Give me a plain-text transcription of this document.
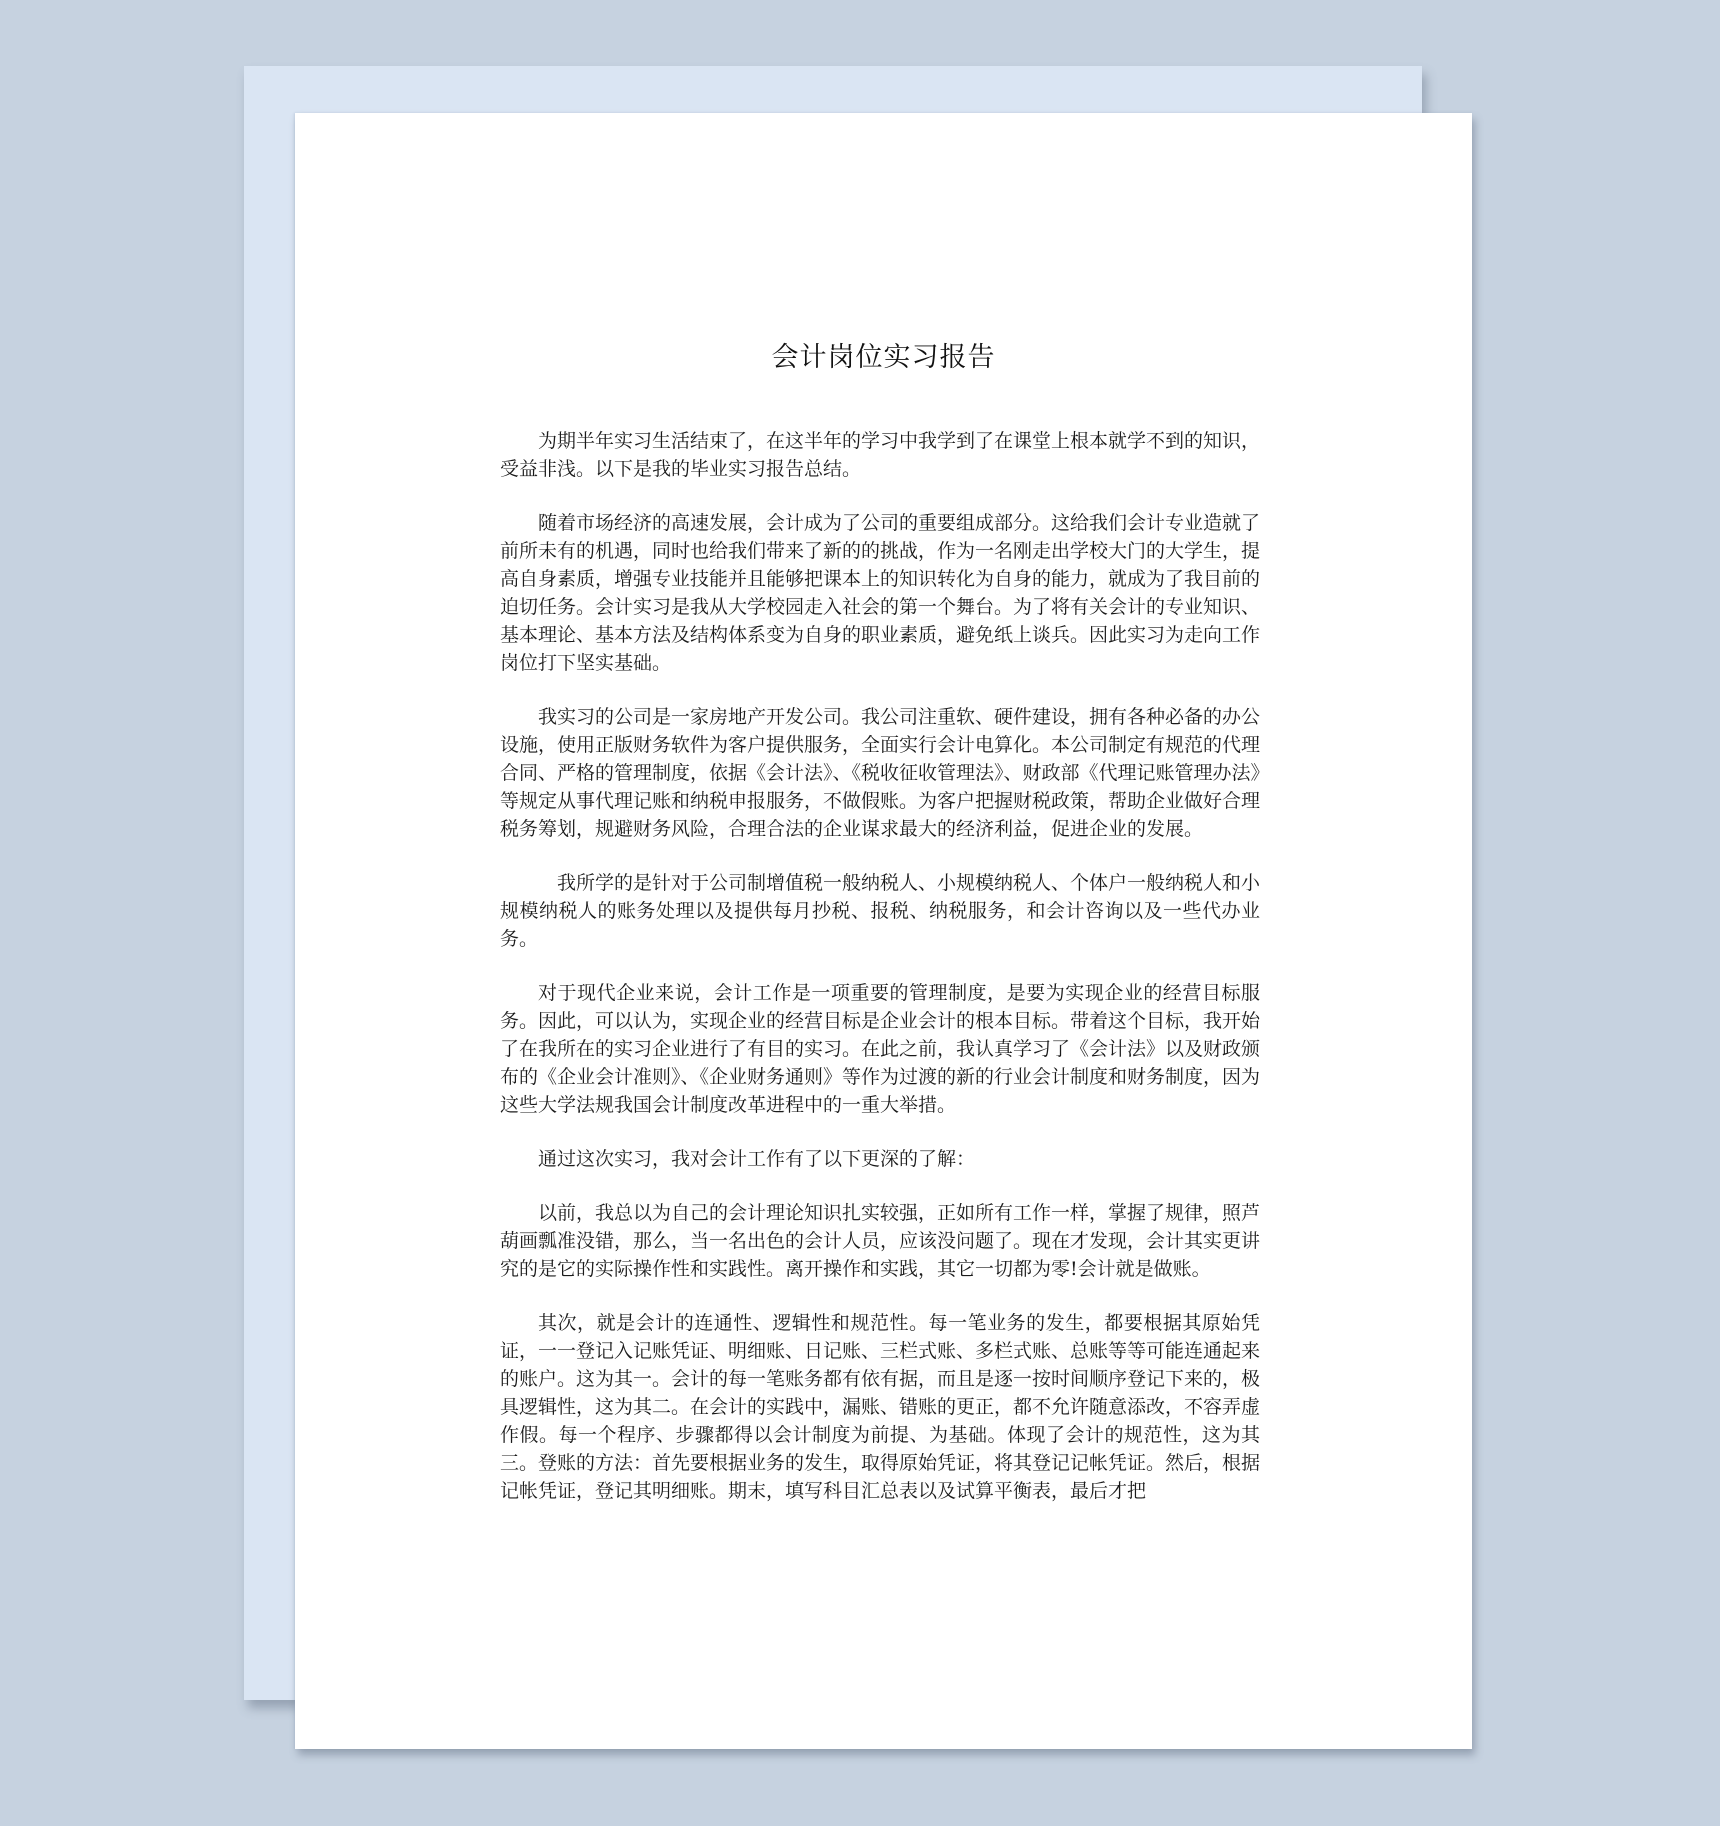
会计岗位实习报告

为期半年实习生活结束了，在这半年的学习中我学到了在课堂上根本就学不到的知识，受益非浅。以下是我的毕业实习报告总结。

随着市场经济的高速发展，会计成为了公司的重要组成部分。这给我们会计专业造就了前所未有的机遇，同时也给我们带来了新的的挑战，作为一名刚走出学校大门的大学生，提高自身素质，增强专业技能并且能够把课本上的知识转化为自身的能力，就成为了我目前的迫切任务。会计实习是我从大学校园走入社会的第一个舞台。为了将有关会计的专业知识、基本理论、基本方法及结构体系变为自身的职业素质，避免纸上谈兵。因此实习为走向工作岗位打下坚实基础。

我实习的公司是一家房地产开发公司。我公司注重软、硬件建设，拥有各种必备的办公设施，使用正版财务软件为客户提供服务，全面实行会计电算化。本公司制定有规范的代理合同、严格的管理制度，依据《会计法》、《税收征收管理法》、财政部《代理记账管理办法》等规定从事代理记账和纳税申报服务，不做假账。为客户把握财税政策，帮助企业做好合理税务筹划，规避财务风险，合理合法的企业谋求最大的经济利益，促进企业的发展。

我所学的是针对于公司制增值税一般纳税人、小规模纳税人、个体户一般纳税人和小规模纳税人的账务处理以及提供每月抄税、报税、纳税服务，和会计咨询以及一些代办业务。

对于现代企业来说，会计工作是一项重要的管理制度，是要为实现企业的经营目标服务。因此，可以认为，实现企业的经营目标是企业会计的根本目标。带着这个目标，我开始了在我所在的实习企业进行了有目的实习。在此之前，我认真学习了《会计法》以及财政颁布的《企业会计准则》、《企业财务通则》等作为过渡的新的行业会计制度和财务制度，因为这些大学法规我国会计制度改革进程中的一重大举措。

通过这次实习，我对会计工作有了以下更深的了解：

以前，我总以为自己的会计理论知识扎实较强，正如所有工作一样，掌握了规律，照芦葫画瓢准没错，那么，当一名出色的会计人员，应该没问题了。现在才发现，会计其实更讲究的是它的实际操作性和实践性。离开操作和实践，其它一切都为零!会计就是做账。

其次，就是会计的连通性、逻辑性和规范性。每一笔业务的发生，都要根据其原始凭证，一一登记入记账凭证、明细账、日记账、三栏式账、多栏式账、总账等等可能连通起来的账户。这为其一。会计的每一笔账务都有依有据，而且是逐一按时间顺序登记下来的，极具逻辑性，这为其二。在会计的实践中，漏账、错账的更正，都不允许随意添改，不容弄虚作假。每一个程序、步骤都得以会计制度为前提、为基础。体现了会计的规范性，这为其三。登账的方法：首先要根据业务的发生，取得原始凭证，将其登记记帐凭证。然后，根据记帐凭证，登记其明细账。期末，填写科目汇总表以及试算平衡表，最后才把
